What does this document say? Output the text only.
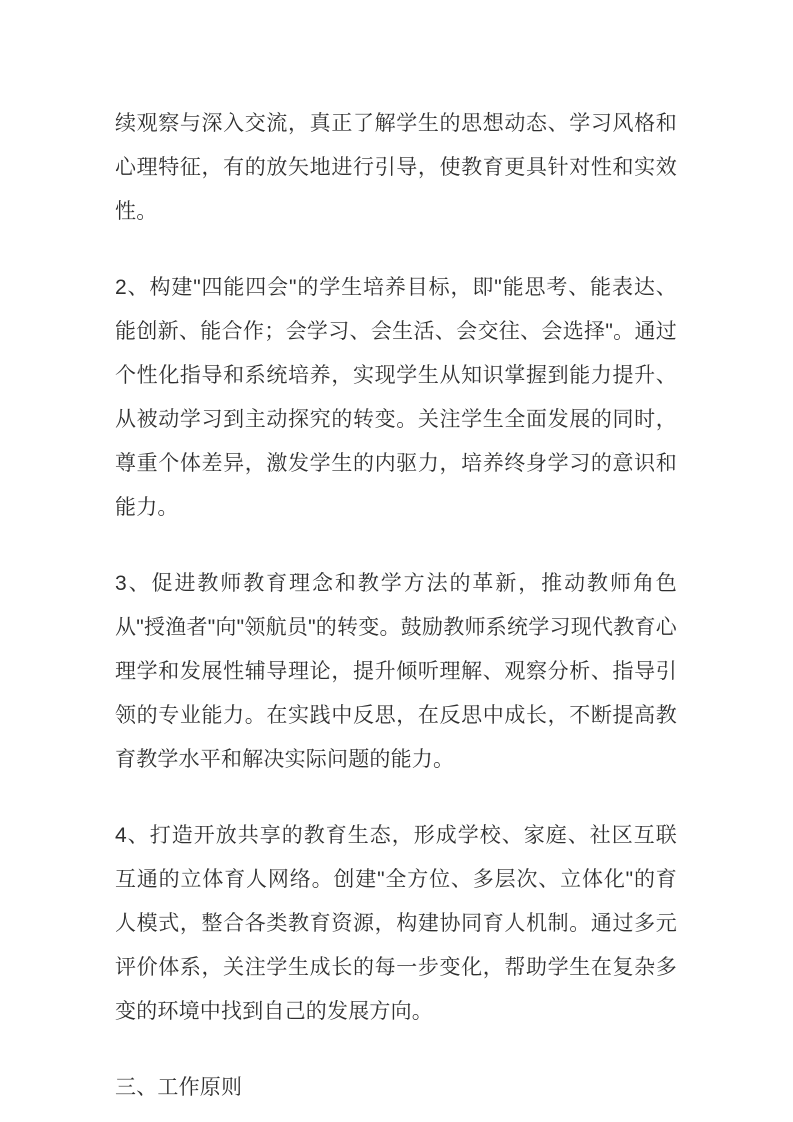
续观察与深入交流，真正了解学生的思想动态、学习风格和心理特征，有的放矢地进行引导，使教育更具针对性和实效性。

2、构建"四能四会"的学生培养目标，即"能思考、能表达、能创新、能合作；会学习、会生活、会交往、会选择"。通过个性化指导和系统培养，实现学生从知识掌握到能力提升、从被动学习到主动探究的转变。关注学生全面发展的同时，尊重个体差异，激发学生的内驱力，培养终身学习的意识和能力。

3、促进教师教育理念和教学方法的革新，推动教师角色从"授渔者"向"领航员"的转变。鼓励教师系统学习现代教育心理学和发展性辅导理论，提升倾听理解、观察分析、指导引领的专业能力。在实践中反思，在反思中成长，不断提高教育教学水平和解决实际问题的能力。

4、打造开放共享的教育生态，形成学校、家庭、社区互联互通的立体育人网络。创建"全方位、多层次、立体化"的育人模式，整合各类教育资源，构建协同育人机制。通过多元评价体系，关注学生成长的每一步变化，帮助学生在复杂多变的环境中找到自己的发展方向。

三、工作原则
